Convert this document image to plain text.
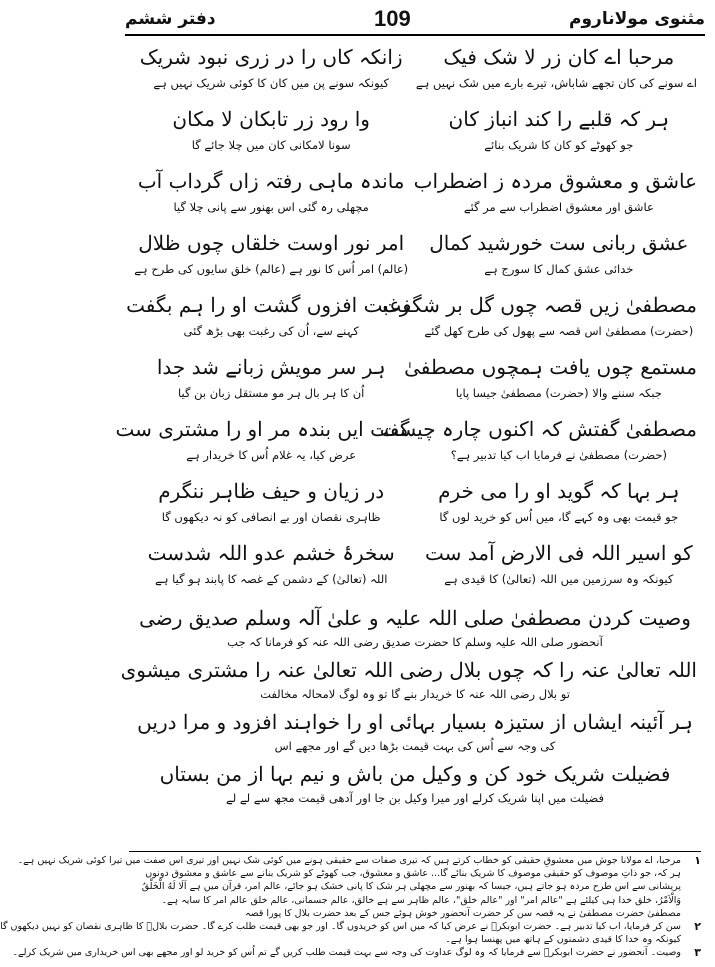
مثنوی مولاناروم
109
دفتر ششم
مرحبا اے کان زر لا شک فیک
زانکہ کاں را در زری نبود شریک
اے سونے کی کان تجھے شاباش، تیرے بارے میں شک نہیں ہے
کیونکہ سونے پن میں کان کا کوئی شریک نہیں ہے
ہر کہ قلبے را کند انباز کان
وا رود زر تابکان لا مکان
جو کھوٹے کو کان کا شریک بنائے
سونا لامکانی کان میں چلا جائے گا
عاشق و معشوق مردہ ز اضطراب
ماندہ ماہی رفتہ زاں گرداب آب
عاشق اور معشوق اضطراب سے مر گئے
مچھلی رہ گئی اس بھنور سے پانی چلا گیا
عشق ربانی ست خورشید کمال
امر نور اوست خلقاں چوں ظلال
خدائی عشق کمال کا سورج ہے
(عالم) امر اُس کا نور ہے (عالم) خلق سایوں کی طرح ہے
مصطفیٰ زیں قصہ چوں گل بر شگفت
رغبت افزوں گشت او را ہم بگفت
(حضرت) مصطفیٰ اس قصہ سے پھول کی طرح کھل گئے
کہنے سے، اُن کی رغبت بھی بڑھ گئی
مستمع چوں یافت ہمچوں مصطفیٰ
ہر سر مویش زبانے شد جدا
جبکہ سننے والا (حضرت) مصطفیٰ جیسا پایا
اُن کا ہر بال ہر مو مستقل زبان بن گیا
مصطفیٰ گفتش کہ اکنوں چارہ چیست
گفت ایں بندہ مر او را مشتری ست
(حضرت) مصطفیٰ نے فرمایا اب کیا تدبیر ہے؟
عرض کیا، یہ غلام اُس کا خریدار ہے
ہر بہا کہ گوید او را می خرم
در زیان و حیف ظاہر ننگرم
جو قیمت بھی وہ کہے گا، میں اُس کو خرید لوں گا
ظاہری نقصان اور بے انصافی کو نہ دیکھوں گا
کو اسیر اللہ فی الارض آمد ست
سخرۂ خشم عدو اللہ شدست
کیونکہ وہ سرزمین میں اللہ (تعالیٰ) کا قیدی ہے
اللہ (تعالیٰ) کے دشمن کے غصہ کا پابند ہو گیا ہے
وصیت کردن مصطفیٰ صلی اللہ علیہ و علیٰ آلہ وسلم صدیق رضی
آنحضور صلی اللہ علیہ وسلم کا حضرت صدیق رضی اللہ عنہ کو فرمانا کہ جب
اللہ تعالیٰ عنہ را کہ چوں بلال رضی اللہ تعالیٰ عنہ را مشتری میشوی
تو بلال رضی اللہ عنہ کا خریدار بنے گا تو وہ لوگ لامحالہ مخالفت
ہر آئینہ ایشاں از ستیزہ بسیار بہائی او را خواہند افزود و مرا دریں
کی وجہ سے اُس کی بہت قیمت بڑھا دیں گے اور مجھے اس
فضیلت شریک خود کن و وکیل من باش و نیم بہا از من بستاں
فضیلت میں اپنا شریک کرلے اور میرا وکیل بن جا اور آدھی قیمت مجھ سے لے لے
۱
مرحبا، اے مولانا جوش میں معشوقِ حقیقی کو خطاب کرتے ہیں کہ تیری صفات سے حقیقی ہونے میں کوئی شک نہیں اور تیری اس صفت میں تیرا کوئی شریک نہیں ہے۔
ہر کہ، جو ذاتِ موصوف کو حقیقی موصوف کا شریک بنائے گا... عاشق و معشوق، جب کھوٹے کو شریک بنانے سے عاشق و معشوق دونوں
پریشانی سے اس طرح مردہ ہو جاتے ہیں، جیسا کہ بھنور سے مچھلی ہر شک کا پانی خشک ہو جائے، عالم امر، قرآن میں ہے اَلَا لَهُ الْخَلْقُ
وَالْاَمْرُ، خلق خدا ہی کیلئے ہے "عالم امر" اور "عالم خلق"، عالم ظاہر سے ہے خالق، عالم جسمانی، عالم خلق عالم امر کا سایہ ہے۔
مصطفیٰ حضرت مصطفیٰ نے یہ قصہ سن کر حضرت آنحضور خوش ہوئے جس کے بعد حضرت بلال کا پورا قصہ
۲
سن کر فرمایا، اب کیا تدبیر ہے۔ حضرت ابوبکرؓ نے عرض کیا کہ میں اس کو خریدوں گا۔ اور جو بھی قیمت طلب کرے گا۔ حضرت بلالؓ کا ظاہری نقصان کو نہیں دیکھوں گا
کیونکہ وہ خدا کا قیدی دشمنوں کے ہاتھ میں پھنسا ہوا ہے۔
۳
وصیت۔ آنحضور نے حضرت ابوبکرؓ سے فرمایا کہ وہ لوگ عداوت کی وجہ سے بہت قیمت طلب کریں گے تم اُس کو خرید لو اور مجھے بھی اس خریداری میں شریک کرلے۔
